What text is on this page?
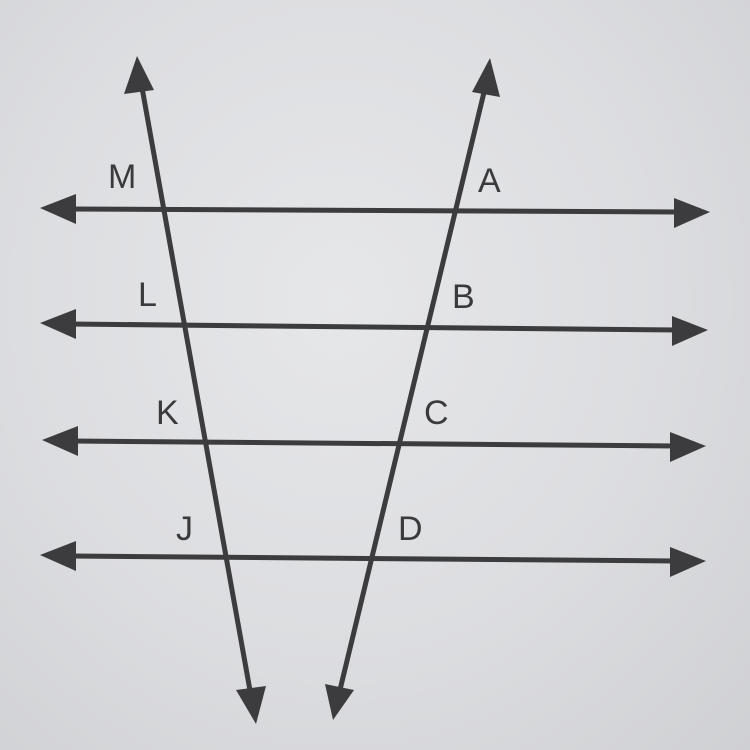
M
L
K
J
A
B
C
D
